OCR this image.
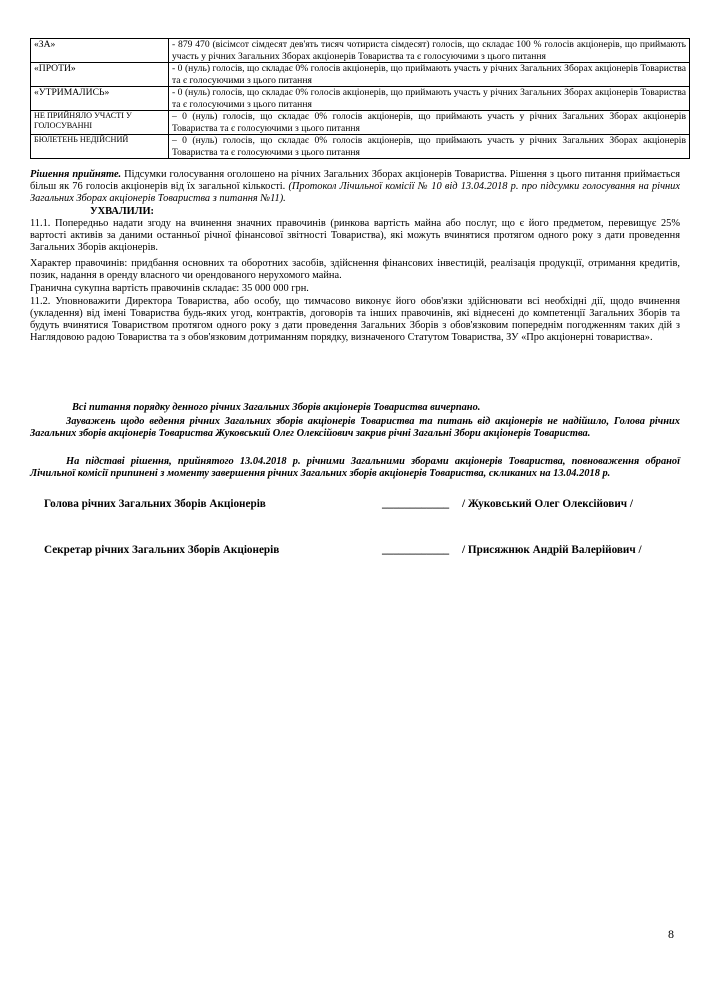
«ЗА»	- 879 470 (вісімсот сімдесят дев'ять тисяч чотириста сімдесят) голосів, що складає 100 % голосів акціонерів, що приймають участь у річних Загальних Зборах акціонерів Товариства та є голосуючими з цього питання
«ПРОТИ»	- 0 (нуль) голосів, що складає 0% голосів акціонерів, що приймають участь у річних Загальних Зборах акціонерів Товариства та є голосуючими з цього питання
«УТРИМАЛИСЬ»	- 0 (нуль) голосів, що складає 0% голосів акціонерів, що приймають участь у річних Загальних Зборах акціонерів Товариства та є голосуючими з цього питання
НЕ ПРИЙНЯЛО УЧАСТІ У ГОЛОСУВАННІ	– 0 (нуль) голосів, що складає 0% голосів акціонерів, що приймають участь у річних Загальних Зборах акціонерів Товариства та є голосуючими з цього питання
БЮЛЕТЕНЬ НЕДІЙСНИЙ	– 0 (нуль) голосів, що складає 0% голосів акціонерів, що приймають участь у річних Загальних Зборах акціонерів Товариства та є голосуючими з цього питання
Рішення прийняте. Підсумки голосування оголошено на річних Загальних Зборах акціонерів Товариства. Рішення з цього питання приймається більш як 76 голосів акціонерів від їх загальної кількості. (Протокол Лічильної комісії № 10 від 13.04.2018 р. про підсумки голосування на річних Загальних Зборах акціонерів Товариства з питання №11).
УХВАЛИЛИ:
11.1. Попередньо надати згоду на вчинення значних правочинів (ринкова вартість майна або послуг, що є його предметом, перевищує 25% вартості активів за даними останньої річної фінансової звітності Товариства), які можуть вчинятися протягом одного року з дати проведення Загальних Зборів акціонерів.
Характер правочинів: придбання основних та оборотних засобів, здійснення фінансових інвестицій, реалізація продукції, отримання кредитів, позик, надання в оренду власного чи орендованого нерухомого майна.
Гранична сукупна вартість правочинів складає: 35 000 000 грн.
11.2. Уповноважити Директора Товариства, або особу, що тимчасово виконує його обов'язки здійснювати всі необхідні дії, щодо вчинення (укладення) від імені Товариства будь-яких угод, контрактів, договорів та інших правочинів, які віднесені до компетенції Загальних Зборів та будуть вчинятися Товариством протягом одного року з дати проведення Загальних Зборів з обов'язковим попереднім погодженням таких дій з Наглядовою радою Товариства та з обов'язковим дотриманням порядку, визначеного Статутом Товариства, ЗУ «Про акціонерні товариства».
Всі питання порядку денного річних Загальних Зборів акціонерів Товариства вичерпано.
Зауважень щодо ведення річних Загальних зборів акціонерів Товариства та питань від акціонерів не надійшло, Голова річних Загальних зборів акціонерів Товариства Жуковський Олег Олексійович закрив річні Загальні Збори акціонерів Товариства.
На підставі рішення, прийнятого 13.04.2018 р. річними Загальними зборами акціонерів Товариства, повноваження обраної Лічильної комісії припинені з моменту завершення річних Загальних зборів акціонерів Товариства, скликаних на 13.04.2018 р.
Голова річних Загальних Зборів Акціонерів	____________ / Жуковський Олег Олексійович /
Секретар річних Загальних Зборів Акціонерів	____________ / Присяжнюк Андрій Валерійович /
8
